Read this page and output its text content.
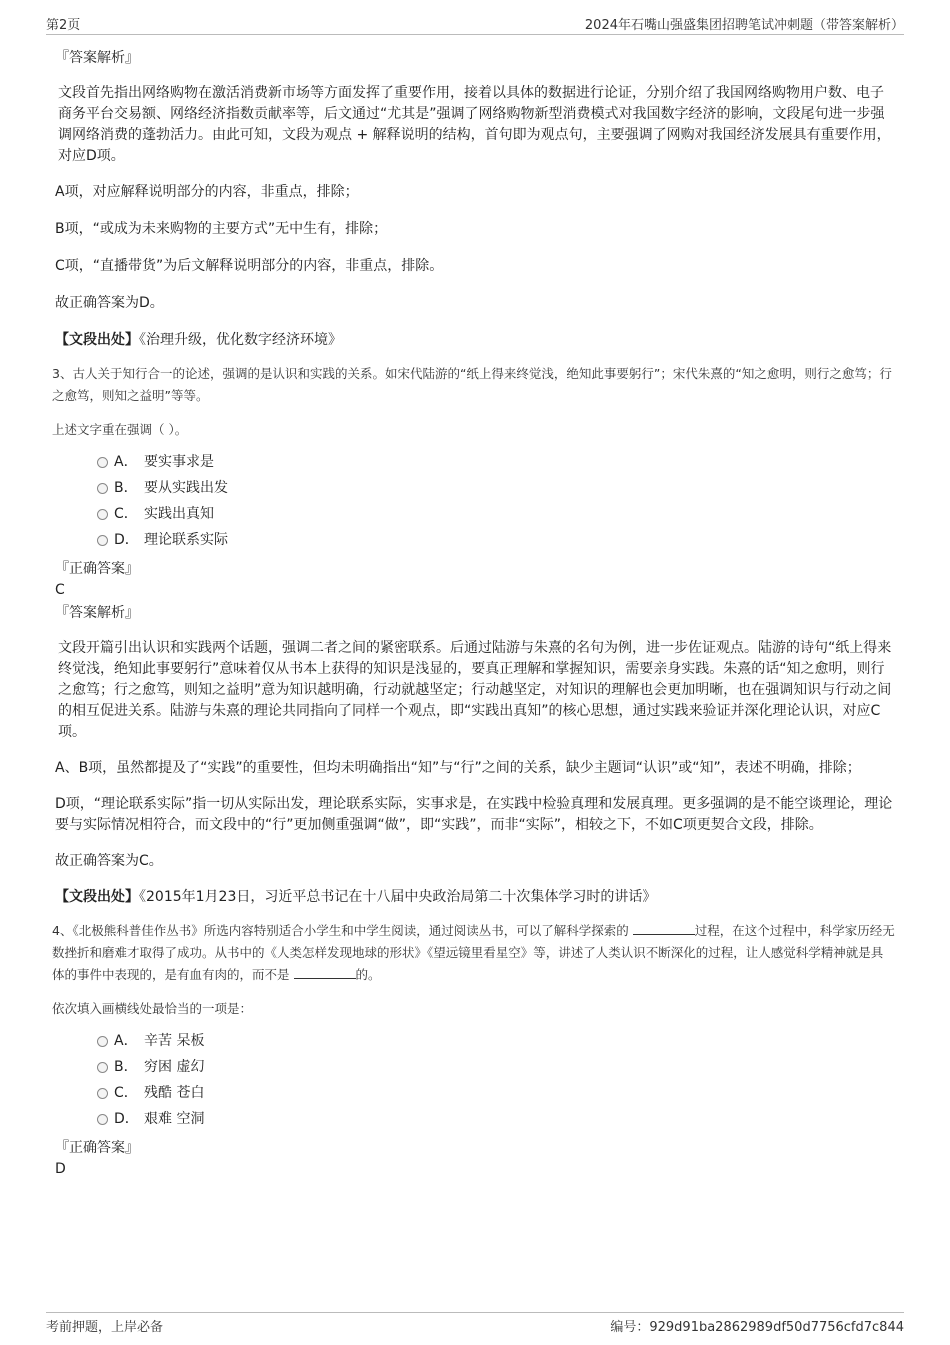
第2页	2024年石嘴山强盛集团招聘笔试冲刺题（带答案解析）

『答案解析』

文段首先指出网络购物在激活消费新市场等方面发挥了重要作用，接着以具体的数据进行论证，分别介绍了我国网络购物用户数、电子商务平台交易额、网络经济指数贡献率等，后文通过“尤其是”强调了网络购物新型消费模式对我国数字经济的影响，文段尾句进一步强调网络消费的蓬勃活力。由此可知，文段为观点 + 解释说明的结构，首句即为观点句，主要强调了网购对我国经济发展具有重要作用，对应D项。

A项，对应解释说明部分的内容，非重点，排除；

B项，“或成为未来购物的主要方式”无中生有，排除；

C项，“直播带货”为后文解释说明部分的内容，非重点，排除。

故正确答案为D。

【文段出处】《治理升级，优化数字经济环境》

3、古人关于知行合一的论述，强调的是认识和实践的关系。如宋代陆游的“纸上得来终觉浅，绝知此事要躬行”；宋代朱熹的“知之愈明，则行之愈笃；行之愈笃，则知之益明”等等。

上述文字重在强调（ ）。

A． 要实事求是
B． 要从实践出发
C． 实践出真知
D． 理论联系实际

『正确答案』

C

『答案解析』

文段开篇引出认识和实践两个话题，强调二者之间的紧密联系。后通过陆游与朱熹的名句为例，进一步佐证观点。陆游的诗句“纸上得来终觉浅，绝知此事要躬行”意味着仅从书本上获得的知识是浅显的，要真正理解和掌握知识，需要亲身实践。朱熹的话“知之愈明，则行之愈笃；行之愈笃，则知之益明”意为知识越明确，行动就越坚定；行动越坚定，对知识的理解也会更加明晰，也在强调知识与行动之间的相互促进关系。陆游与朱熹的理论共同指向了同样一个观点，即“实践出真知”的核心思想，通过实践来验证并深化理论认识，对应C项。

A、B项，虽然都提及了“实践”的重要性，但均未明确指出“知”与“行”之间的关系，缺少主题词“认识”或“知”，表述不明确，排除；

D项，“理论联系实际”指一切从实际出发，理论联系实际，实事求是，在实践中检验真理和发展真理。更多强调的是不能空谈理论，理论要与实际情况相符合，而文段中的“行”更加侧重强调“做”，即“实践”，而非“实际”，相较之下，不如C项更契合文段，排除。

故正确答案为C。

【文段出处】《2015年1月23日，习近平总书记在十八届中央政治局第二十次集体学习时的讲话》

4、《北极熊科普佳作丛书》所选内容特别适合小学生和中学生阅读，通过阅读丛书，可以了解科学探索的	过程，在这个过程中，科学家历经无数挫折和磨难才取得了成功。从书中的《人类怎样发现地球的形状》《望远镜里看星空》等，讲述了人类认识不断深化的过程，让人感觉科学精神就是具体的事件中表现的，是有血有肉的，而不是	的。

依次填入画横线处最恰当的一项是：

A． 辛苦 呆板
B． 穷困 虚幻
C． 残酷 苍白
D． 艰难 空洞

『正确答案』

D

考前押题，上岸必备	编号：929d91ba2862989df50d7756cfd7c844
